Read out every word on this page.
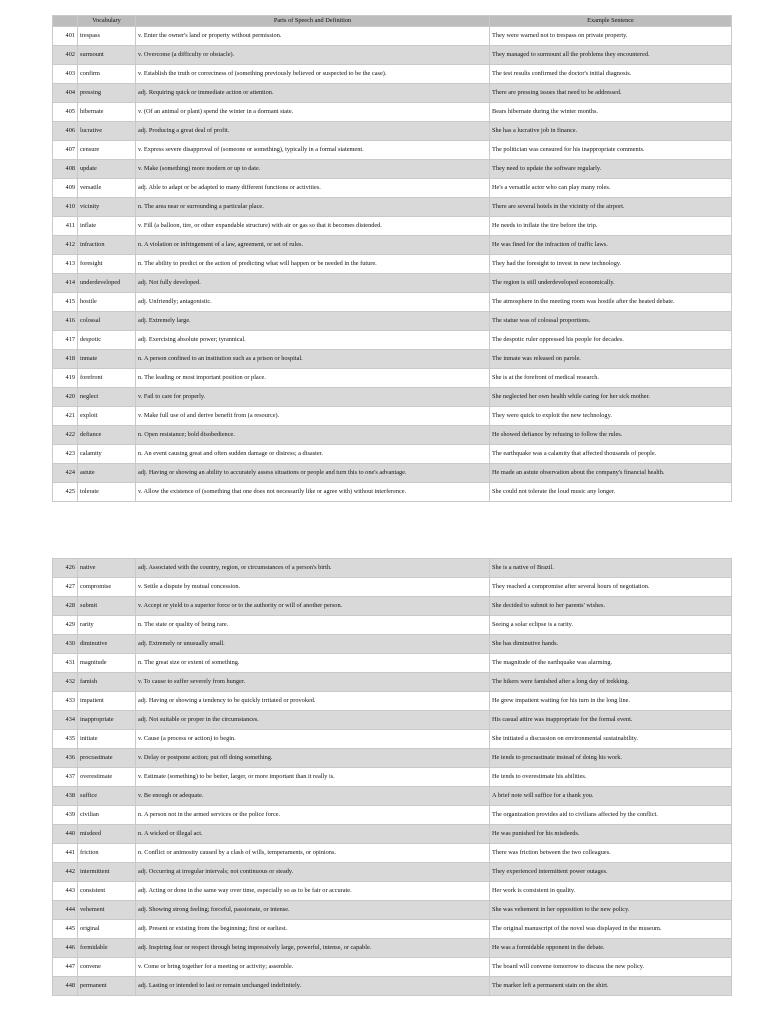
	Vocabulary	Parts of Speech and Definition	Example Sentence
401	trespass	v. Enter the owner's land or property without permission.	They were warned not to trespass on private property.
402	surmount	v. Overcome (a difficulty or obstacle).	They managed to surmount all the problems they encountered.
403	confirm	v. Establish the truth or correctness of (something previously believed or suspected to be the case).	The test results confirmed the doctor's initial diagnosis.
404	pressing	adj. Requiring quick or immediate action or attention.	There are pressing issues that need to be addressed.
405	hibernate	v. (Of an animal or plant) spend the winter in a dormant state.	Bears hibernate during the winter months.
406	lucrative	adj. Producing a great deal of profit.	She has a lucrative job in finance.
407	censure	v. Express severe disapproval of (someone or something), typically in a formal statement.	The politician was censured for his inappropriate comments.
408	update	v. Make (something) more modern or up to date.	They need to update the software regularly.
409	versatile	adj. Able to adapt or be adapted to many different functions or activities.	He's a versatile actor who can play many roles.
410	vicinity	n. The area near or surrounding a particular place.	There are several hotels in the vicinity of the airport.
411	inflate	v. Fill (a balloon, tire, or other expandable structure) with air or gas so that it becomes distended.	He needs to inflate the tire before the trip.
412	infraction	n. A violation or infringement of a law, agreement, or set of rules.	He was fined for the infraction of traffic laws.
413	foresight	n. The ability to predict or the action of predicting what will happen or be needed in the future.	They had the foresight to invest in new technology.
414	underdeveloped	adj. Not fully developed.	The region is still underdeveloped economically.
415	hostile	adj. Unfriendly; antagonistic.	The atmosphere in the meeting room was hostile after the heated debate.
416	colossal	adj. Extremely large.	The statue was of colossal proportions.
417	despotic	adj. Exercising absolute power; tyrannical.	The despotic ruler oppressed his people for decades.
418	inmate	n. A person confined to an institution such as a prison or hospital.	The inmate was released on parole.
419	forefront	n. The leading or most important position or place.	She is at the forefront of medical research.
420	neglect	v. Fail to care for properly.	She neglected her own health while caring for her sick mother.
421	exploit	v. Make full use of and derive benefit from (a resource).	They were quick to exploit the new technology.
422	defiance	n. Open resistance; bold disobedience.	He showed defiance by refusing to follow the rules.
423	calamity	n. An event causing great and often sudden damage or distress; a disaster.	The earthquake was a calamity that affected thousands of people.
424	astute	adj. Having or showing an ability to accurately assess situations or people and turn this to one's advantage.	He made an astute observation about the company's financial health.
425	tolerate	v. Allow the existence of (something that one does not necessarily like or agree with) without interference.	She could not tolerate the loud music any longer.
426	native	adj. Associated with the country, region, or circumstances of a person's birth.	She is a native of Brazil.
427	compromise	v. Settle a dispute by mutual concession.	They reached a compromise after several hours of negotiation.
428	submit	v. Accept or yield to a superior force or to the authority or will of another person.	She decided to submit to her parents' wishes.
429	rarity	n. The state or quality of being rare.	Seeing a solar eclipse is a rarity.
430	diminutive	adj. Extremely or unusually small.	She has diminutive hands.
431	magnitude	n. The great size or extent of something.	The magnitude of the earthquake was alarming.
432	famish	v. To cause to suffer severely from hunger.	The hikers were famished after a long day of trekking.
433	impatient	adj. Having or showing a tendency to be quickly irritated or provoked.	He grew impatient waiting for his turn in the long line.
434	inappropriate	adj. Not suitable or proper in the circumstances.	His casual attire was inappropriate for the formal event.
435	initiate	v. Cause (a process or action) to begin.	She initiated a discussion on environmental sustainability.
436	procrastinate	v. Delay or postpone action; put off doing something.	He tends to procrastinate instead of doing his work.
437	overestimate	v. Estimate (something) to be better, larger, or more important than it really is.	He tends to overestimate his abilities.
438	suffice	v. Be enough or adequate.	A brief note will suffice for a thank you.
439	civilian	n. A person not in the armed services or the police force.	The organization provides aid to civilians affected by the conflict.
440	misdeed	n. A wicked or illegal act.	He was punished for his misdeeds.
441	friction	n. Conflict or animosity caused by a clash of wills, temperaments, or opinions.	There was friction between the two colleagues.
442	intermittent	adj. Occurring at irregular intervals; not continuous or steady.	They experienced intermittent power outages.
443	consistent	adj. Acting or done in the same way over time, especially so as to be fair or accurate.	Her work is consistent in quality.
444	vehement	adj. Showing strong feeling; forceful, passionate, or intense.	She was vehement in her opposition to the new policy.
445	original	adj. Present or existing from the beginning; first or earliest.	The original manuscript of the novel was displayed in the museum.
446	formidable	adj. Inspiring fear or respect through being impressively large, powerful, intense, or capable.	He was a formidable opponent in the debate.
447	convene	v. Come or bring together for a meeting or activity; assemble.	The board will convene tomorrow to discuss the new policy.
448	permanent	adj. Lasting or intended to last or remain unchanged indefinitely.	The marker left a permanent stain on the shirt.
